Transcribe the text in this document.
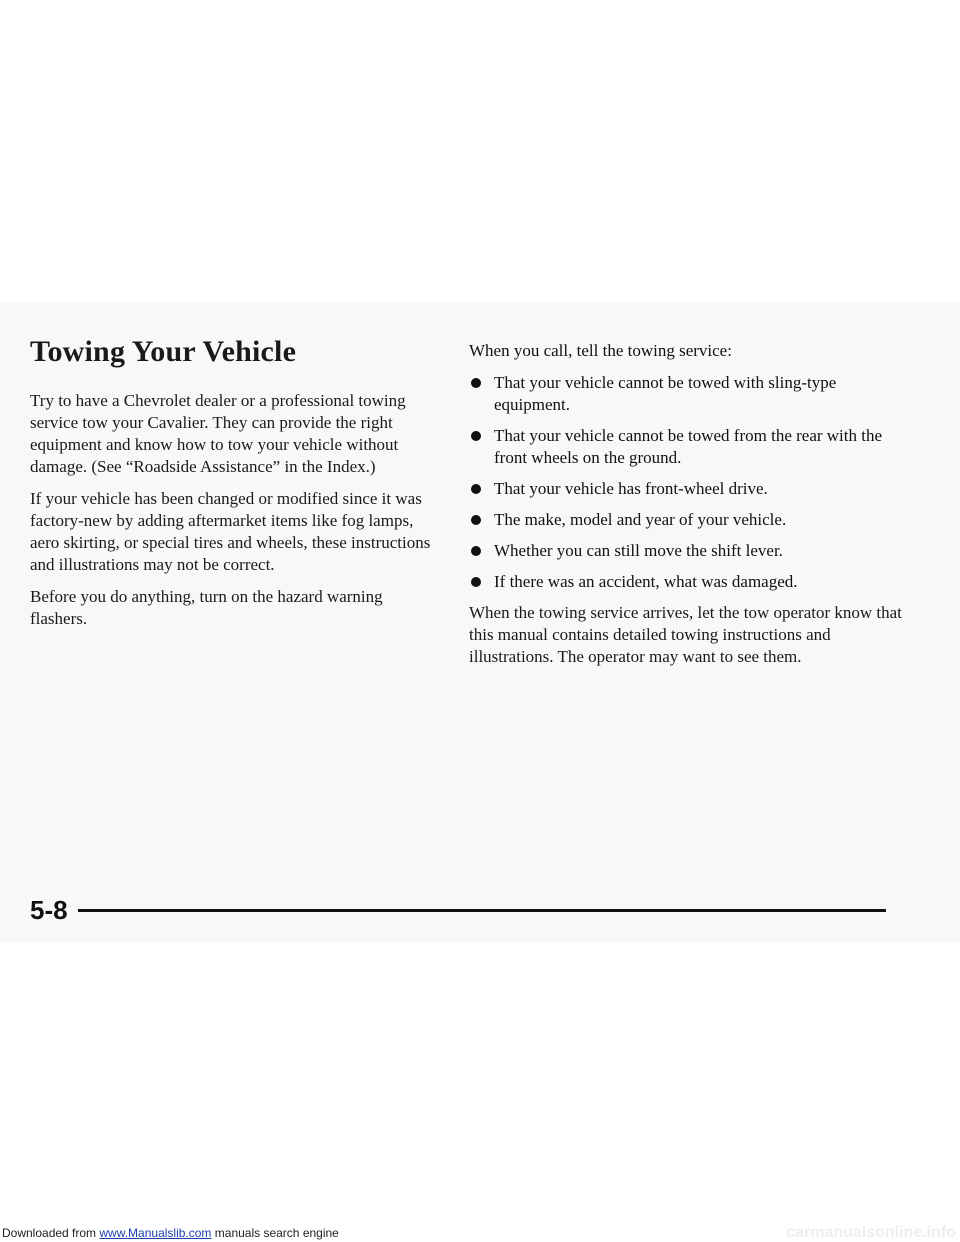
Towing Your Vehicle

Try to have a Chevrolet dealer or a professional towing service tow your Cavalier. They can provide the right equipment and know how to tow your vehicle without damage. (See “Roadside Assistance” in the Index.)

If your vehicle has been changed or modified since it was factory-new by adding aftermarket items like fog lamps, aero skirting, or special tires and wheels, these instructions and illustrations may not be correct.

Before you do anything, turn on the hazard warning flashers.

When you call, tell the towing service:

That your vehicle cannot be towed with sling-type equipment.
That your vehicle cannot be towed from the rear with the front wheels on the ground.
That your vehicle has front-wheel drive.
The make, model and year of your vehicle.
Whether you can still move the shift lever.
If there was an accident, what was damaged.

When the towing service arrives, let the tow operator know that this manual contains detailed towing instructions and illustrations. The operator may want to see them.

5-8
Downloaded from www.Manualslib.com manuals search engine	carmanualsonline.info
